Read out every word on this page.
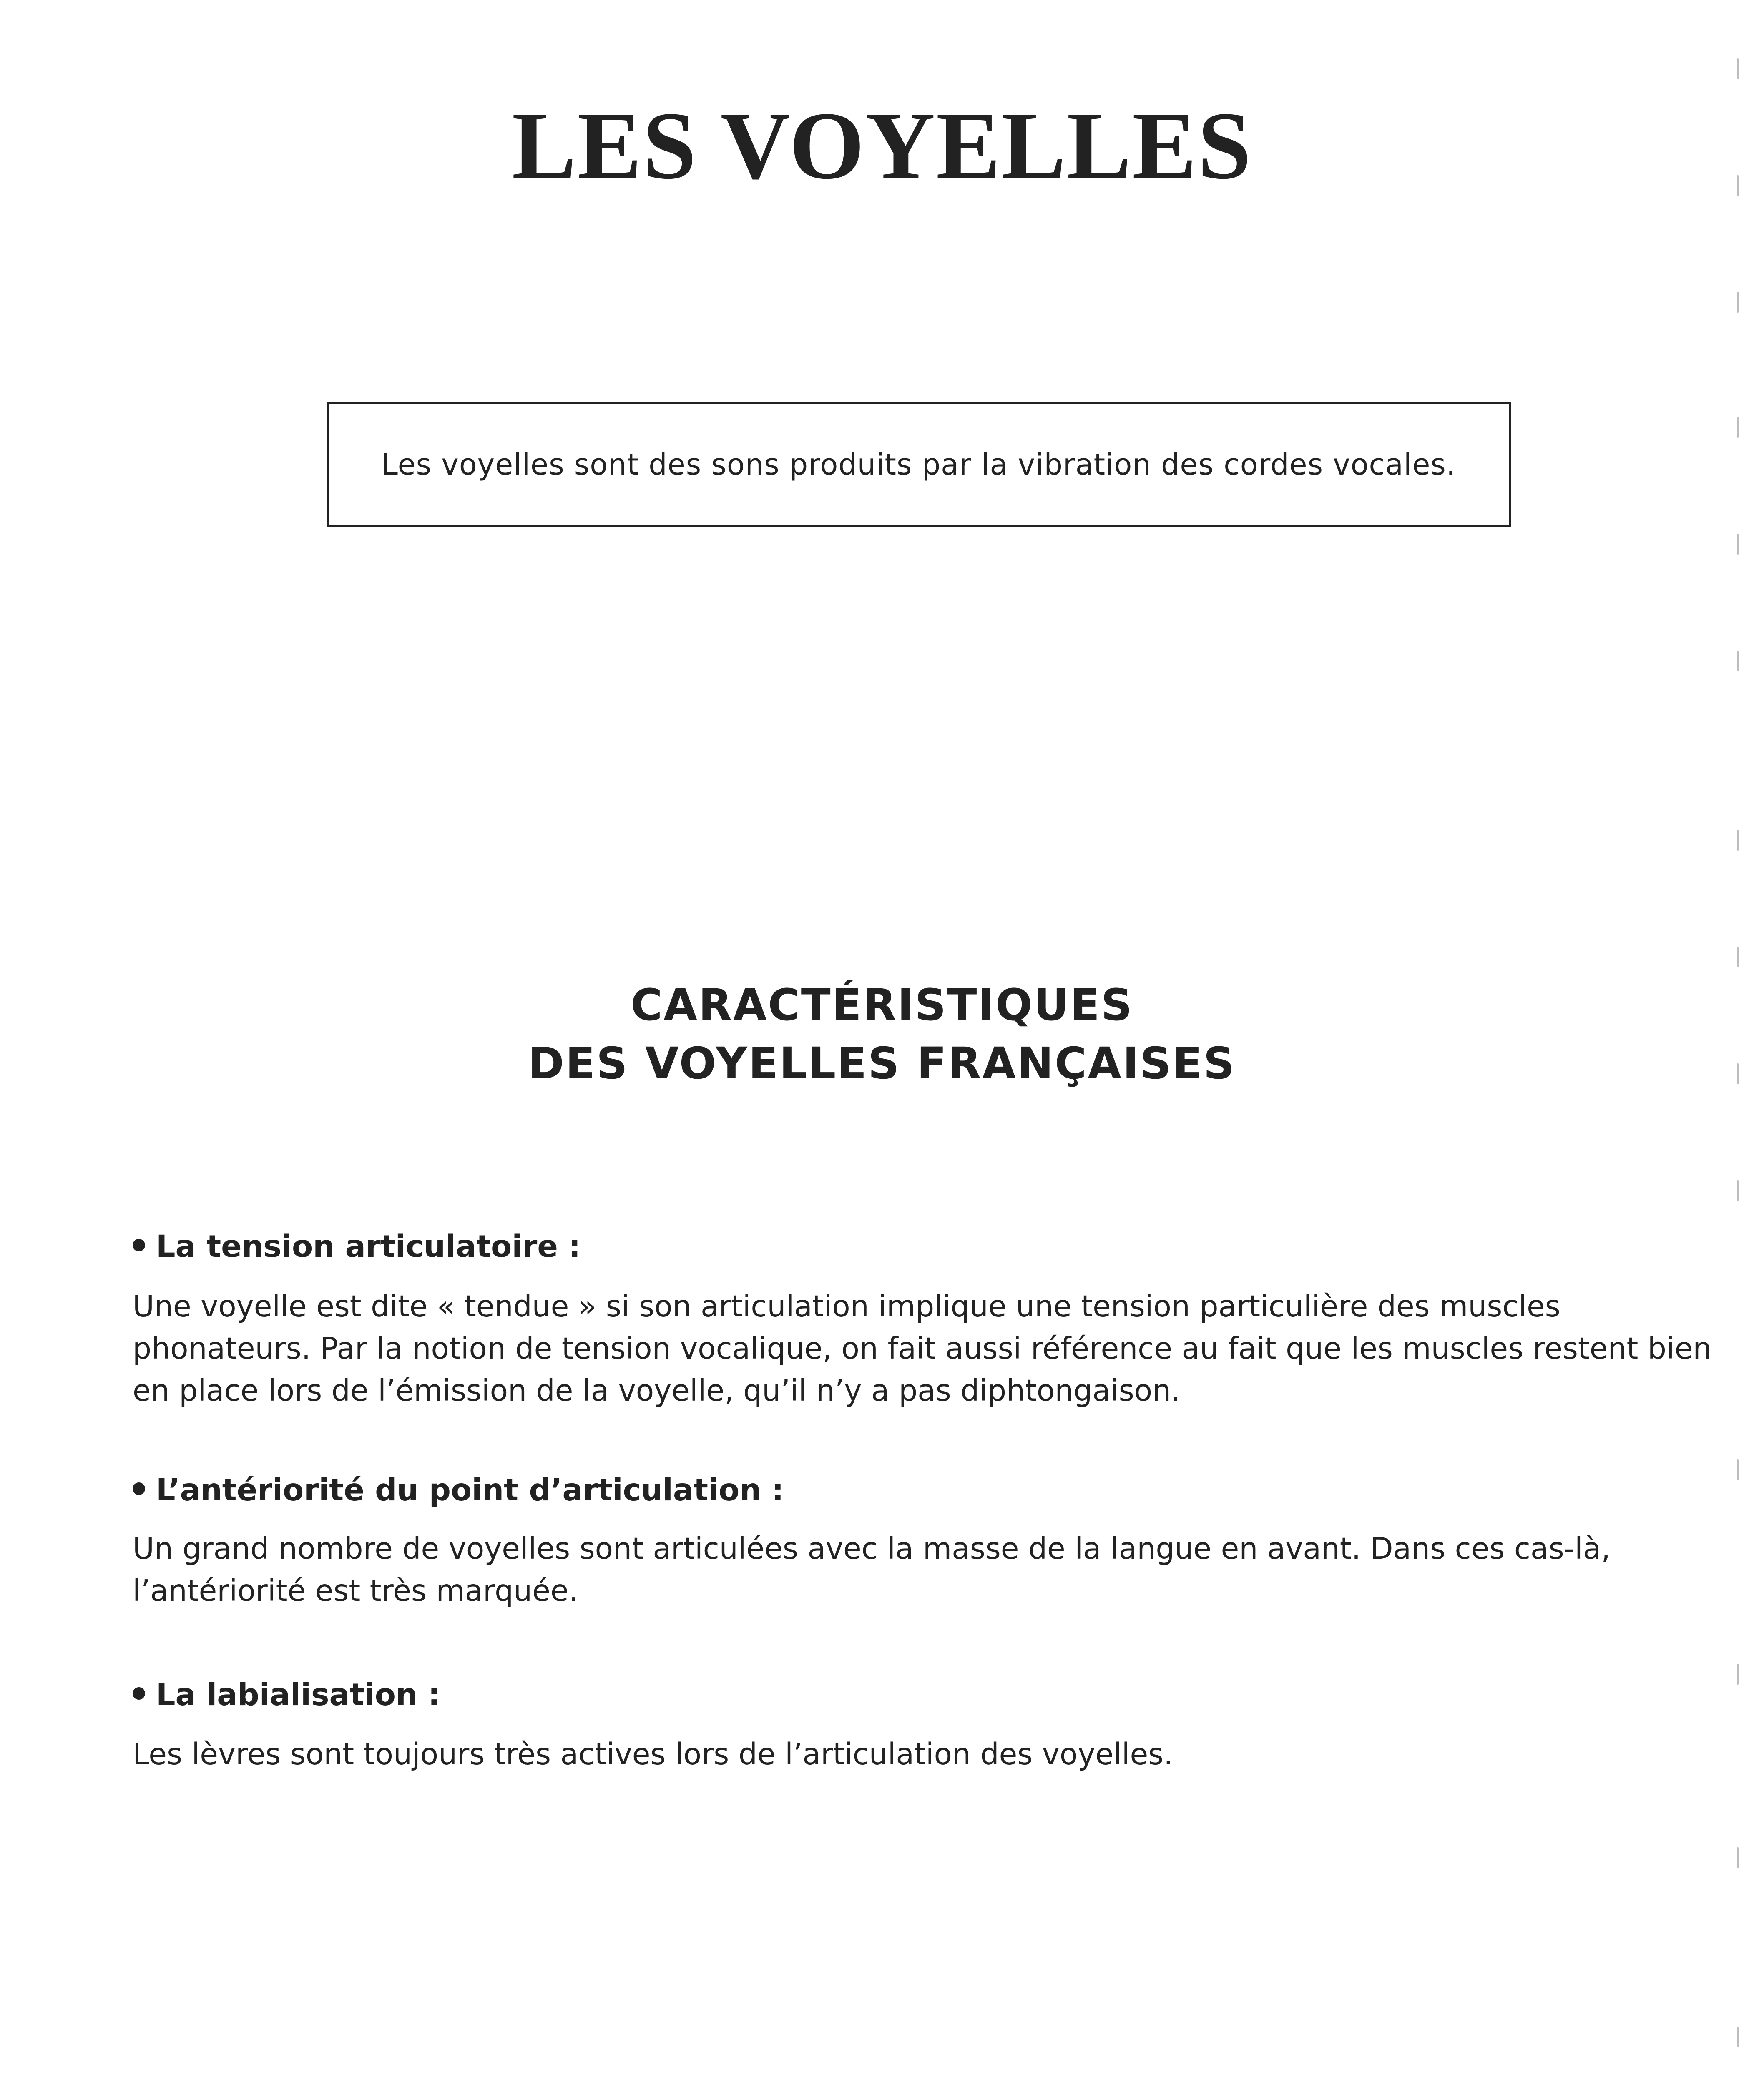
LES VOYELLES
Les voyelles sont des sons produits par la vibration des cordes vocales.
CARACTÉRISTIQUES
DES VOYELLES FRANÇAISES
La tension articulatoire :

Une voyelle est dite « tendue » si son articulation implique une tension particulière des muscles phonateurs. Par la notion de tension vocalique, on fait aussi référence au fait que les muscles restent bien en place lors de l’émission de la voyelle, qu’il n’y a pas diphtongaison.

L’antériorité du point d’articulation :

Un grand nombre de voyelles sont articulées avec la masse de la langue en avant. Dans ces cas-là, l’antériorité est très marquée.

La labialisation :

Les lèvres sont toujours très actives lors de l’articulation des voyelles.
